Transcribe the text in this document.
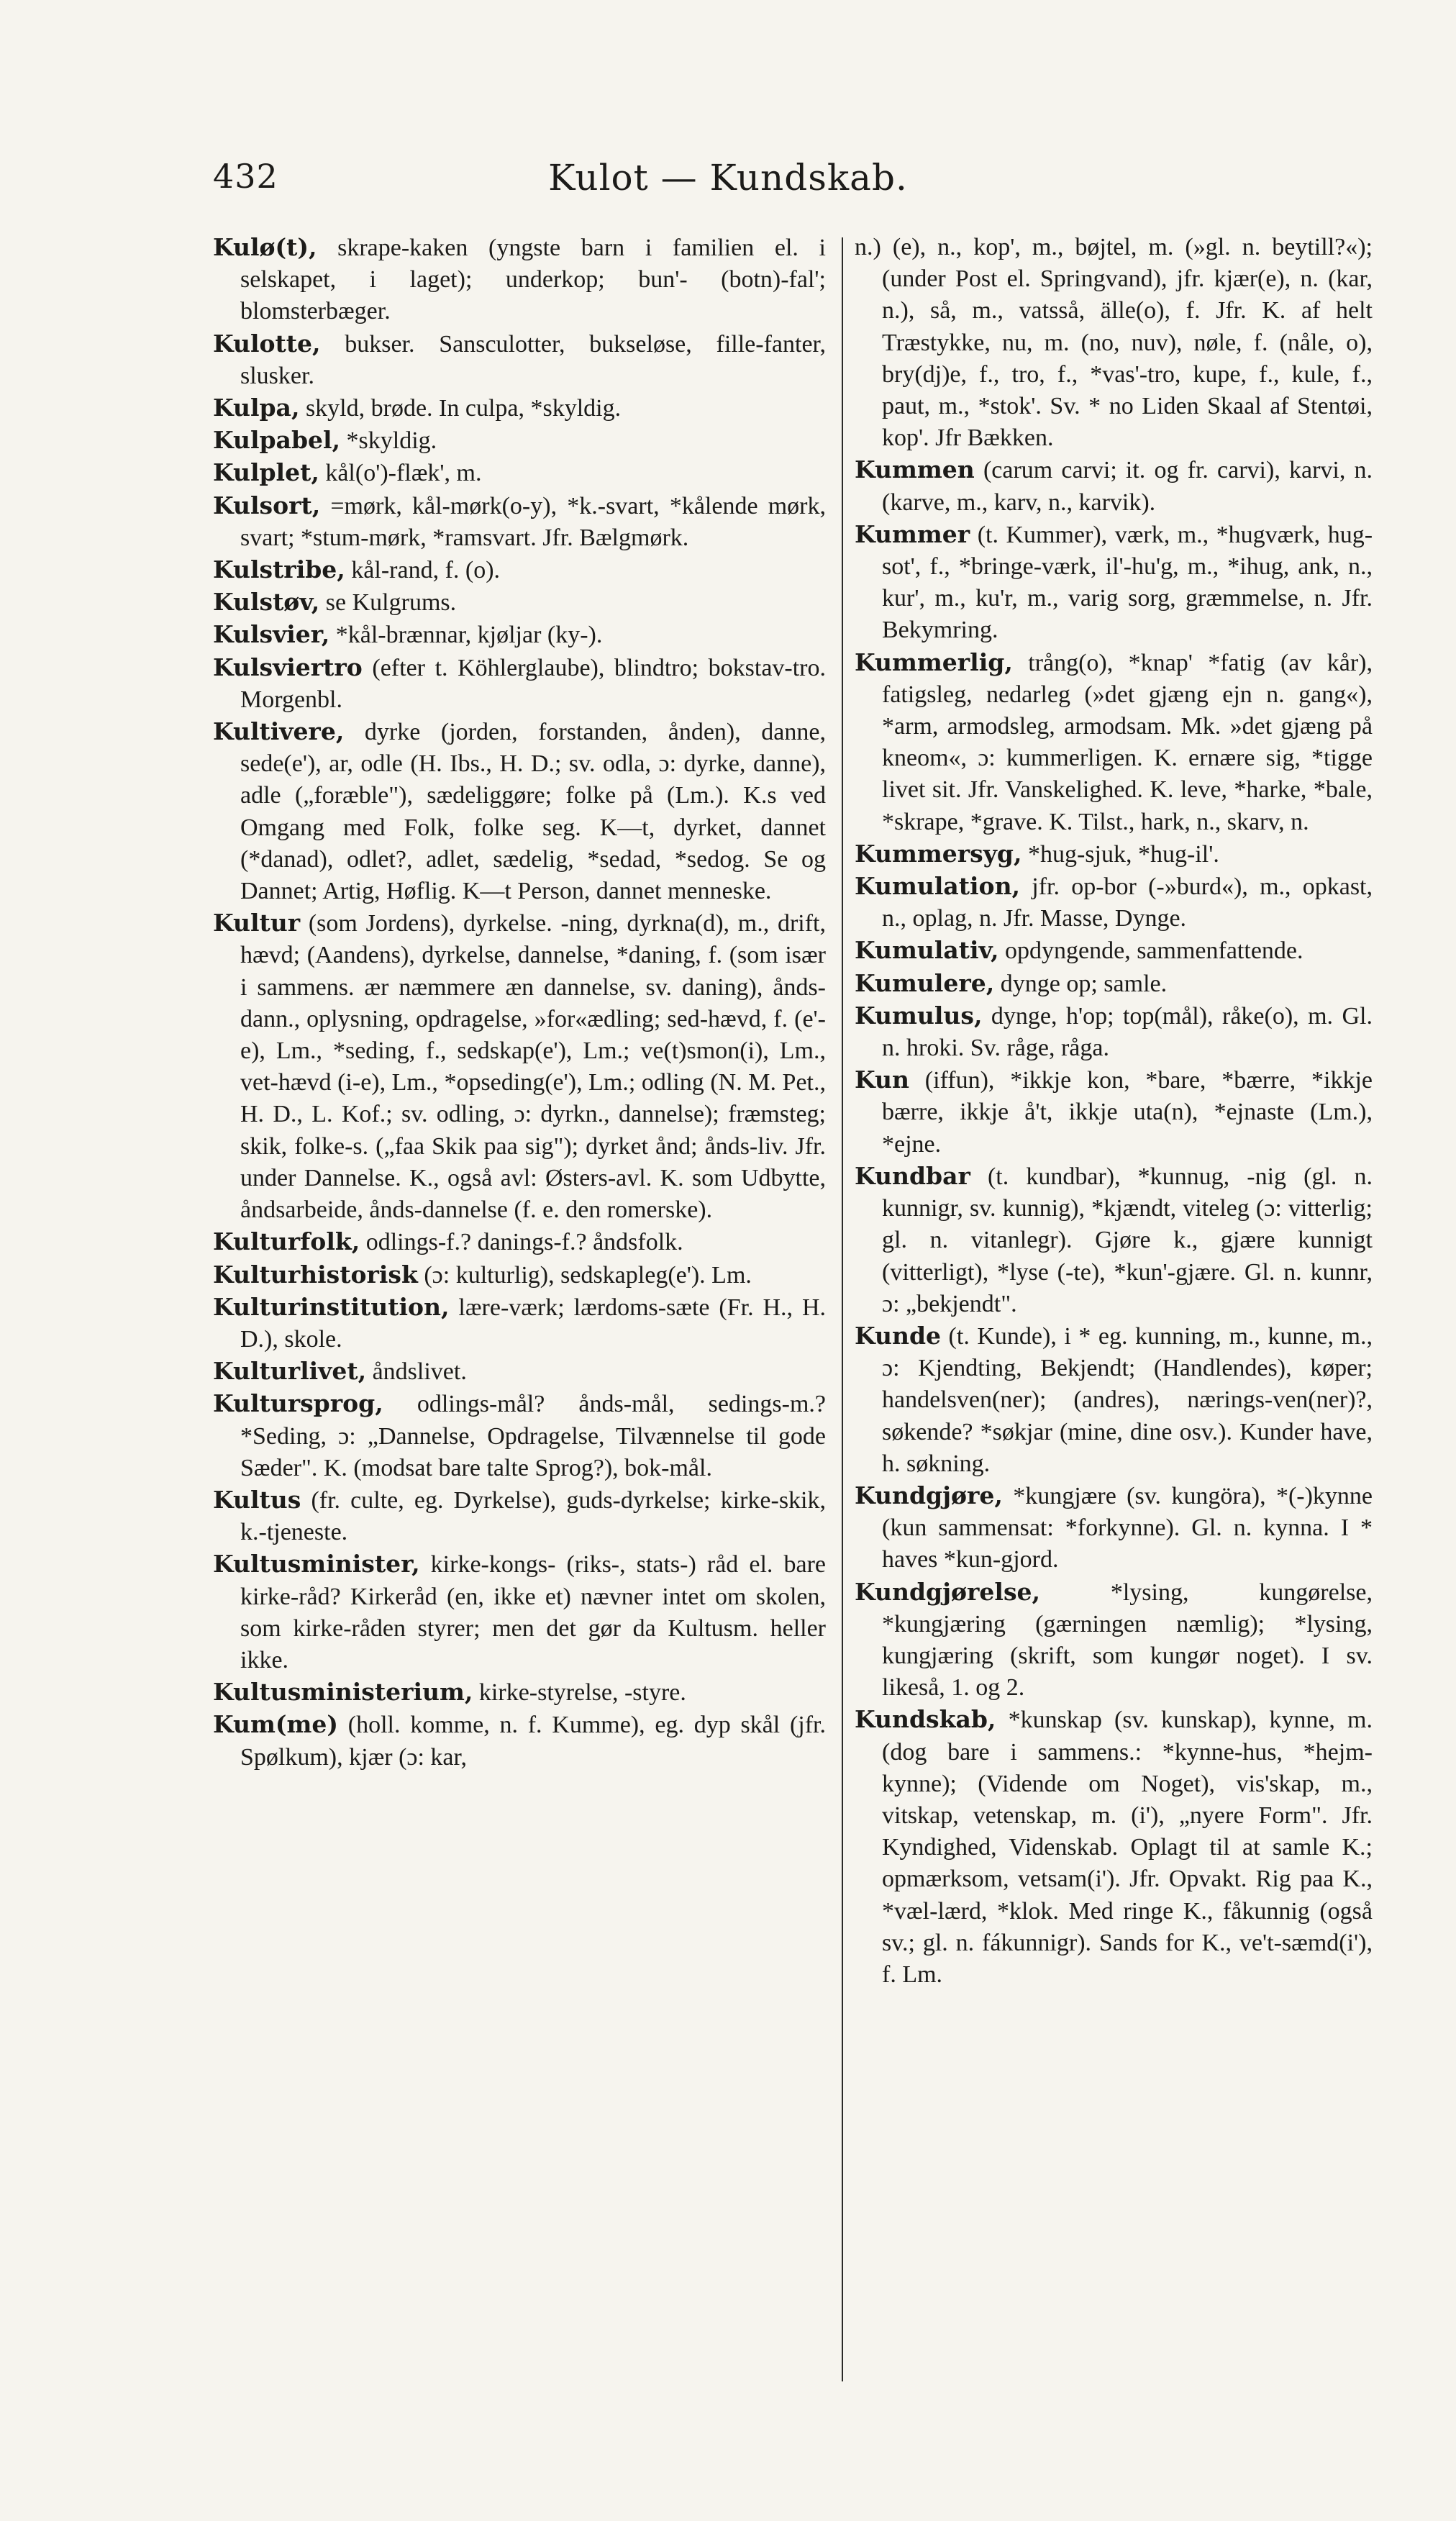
432	Kulot — Kundskab.

Kulø(t), skrape-kaken (yngste barn i familien el. i selskapet, i laget); underkop; bun'- (botn)-fal'; blomsterbæger.

Kulotte, bukser. Sansculotter, bukseløse, fille-fanter, slusker.

Kulpa, skyld, brøde. In culpa, *skyldig.

Kulpabel, *skyldig.

Kulplet, kål(o')-flæk', m.

Kulsort, =mørk, kål-mørk(o-y), *k.-svart, *kålende mørk, svart; *stum-mørk, *ramsvart. Jfr. Bælgmørk.

Kulstribe, kål-rand, f. (o).

Kulstøv, se Kulgrums.

Kulsvier, *kål-brænnar, kjøljar (ky-).

Kulsviertro (efter t. Köhlerglaube), blindtro; bokstav-tro. Morgenbl.

Kultivere, dyrke (jorden, forstanden, ånden), danne, sede(e'), ar, odle (H. Ibs., H. D.; sv. odla, ɔ: dyrke, danne), adle („foræble"), sædeliggøre; folke på (Lm.). K.s ved Omgang med Folk, folke seg. K—t, dyrket, dannet (*danad), odlet?, adlet, sædelig, *sedad, *sedog. Se og Dannet; Artig, Høflig. K—t Person, dannet menneske.

Kultur (som Jordens), dyrkelse. -ning, dyrkna(d), m., drift, hævd; (Aandens), dyrkelse, dannelse, *daning, f. (som især i sammens. ær næmmere æn dannelse, sv. daning), ånds-dann., oplysning, opdragelse, »for«ædling; sed-hævd, f. (e'-e), Lm., *seding, f., sedskap(e'), Lm.; ve(t)smon(i), Lm., vet-hævd (i-e), Lm., *opseding(e'), Lm.; odling (N. M. Pet., H. D., L. Kof.; sv. odling, ɔ: dyrkn., dannelse); fræmsteg; skik, folke-s. („faa Skik paa sig"); dyrket ånd; ånds-liv. Jfr. under Dannelse. K., også avl: Østers-avl. K. som Udbytte, åndsarbeide, ånds-dannelse (f. e. den romerske).

Kulturfolk, odlings-f.? danings-f.? åndsfolk.

Kulturhistorisk (ɔ: kulturlig), sedskapleg(e'). Lm.

Kulturinstitution, lære-værk; lærdoms-sæte (Fr. H., H. D.), skole.

Kulturlivet, åndslivet.

Kultursprog, odlings-mål? ånds-mål, sedings-m.? *Seding, ɔ: „Dannelse, Opdragelse, Tilvænnelse til gode Sæder". K. (modsat bare talte Sprog?), bok-mål.

Kultus (fr. culte, eg. Dyrkelse), guds-dyrkelse; kirke-skik, k.-tjeneste.

Kultusminister, kirke-kongs- (riks-, stats-) råd el. bare kirke-råd? Kirkeråd (en, ikke et) nævner intet om skolen, som kirke-råden styrer; men det gør da Kultusm. heller ikke.

Kultusministerium, kirke-styrelse, -styre.

Kum(me) (holl. komme, n. f. Kumme), eg. dyp skål (jfr. Spølkum), kjær (ɔ: kar,

n.) (e), n., kop', m., bøjtel, m. (»gl. n. beytill?«); (under Post el. Springvand), jfr. kjær(e), n. (kar, n.), så, m., vatsså, älle(o), f. Jfr. K. af helt Træstykke, nu, m. (no, nuv), nøle, f. (nåle, o), bry(dj)e, f., tro, f., *vas'-tro, kupe, f., kule, f., paut, m., *stok'. Sv. * no Liden Skaal af Stentøi, kop'. Jfr Bækken.

Kummen (carum carvi; it. og fr. carvi), karvi, n. (karve, m., karv, n., karvik).

Kummer (t. Kummer), værk, m., *hugværk, hug-sot', f., *bringe-værk, il'-hu'g, m., *ihug, ank, n., kur', m., ku'r, m., varig sorg, græmmelse, n. Jfr. Bekymring.

Kummerlig, trång(o), *knap' *fatig (av kår), fatigsleg, nedarleg (»det gjæng ejn n. gang«), *arm, armodsleg, armodsam. Mk. »det gjæng på kneom«, ɔ: kummerligen. K. ernære sig, *tigge livet sit. Jfr. Vanskelighed. K. leve, *harke, *bale, *skrape, *grave. K. Tilst., hark, n., skarv, n.

Kummersyg, *hug-sjuk, *hug-il'.

Kumulation, jfr. op-bor (-»burd«), m., opkast, n., oplag, n. Jfr. Masse, Dynge.

Kumulativ, opdyngende, sammenfattende.

Kumulere, dynge op; samle.

Kumulus, dynge, h'op; top(mål), råke(o), m. Gl. n. hroki. Sv. råge, råga.

Kun (iffun), *ikkje kon, *bare, *bærre, *ikkje bærre, ikkje å't, ikkje uta(n), *ejnaste (Lm.), *ejne.

Kundbar (t. kundbar), *kunnug, -nig (gl. n. kunnigr, sv. kunnig), *kjændt, viteleg (ɔ: vitterlig; gl. n. vitanlegr). Gjøre k., gjære kunnigt (vitterligt), *lyse (-te), *kun'-gjære. Gl. n. kunnr, ɔ: „bekjendt".

Kunde (t. Kunde), i * eg. kunning, m., kunne, m., ɔ: Kjendting, Bekjendt; (Handlendes), køper; handelsven(ner); (andres), nærings-ven(ner)?, søkende? *søkjar (mine, dine osv.). Kunder have, h. søkning.

Kundgjøre, *kungjære (sv. kungöra), *(-)kynne (kun sammensat: *forkynne). Gl. n. kynna. I * haves *kun-gjord.

Kundgjørelse,	*lysing, kungørelse, *kungjæring (gærningen næmlig); *lysing, kungjæring (skrift, som kungør noget). I sv. likeså, 1. og 2.

Kundskab, *kunskap (sv. kunskap), kynne, m. (dog bare i sammens.: *kynne-hus, *hejm-kynne); (Vidende om Noget), vis'skap, m., vitskap, vetenskap, m. (i'), „nyere Form". Jfr. Kyndighed, Videnskab. Oplagt til at samle K.; opmærksom, vetsam(i'). Jfr. Opvakt. Rig paa K., *væl-lærd, *klok. Med ringe K., fåkunnig (også sv.; gl. n. fákunnigr). Sands for K., ve't-sæmd(i'), f. Lm.
